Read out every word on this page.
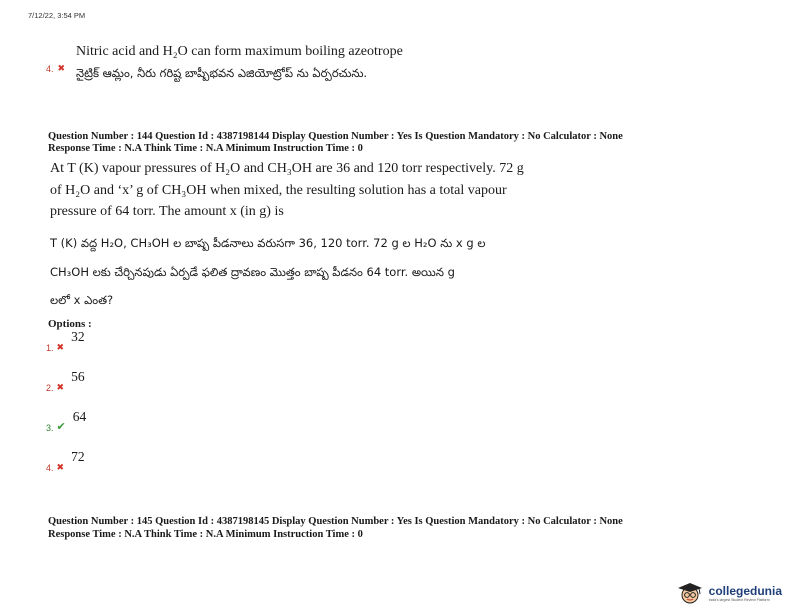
7/12/22, 3:54 PM
Nitric acid and H₂O can form maximum boiling azeotrope
4. ✖ నైట్రిక్ ఆమ్లం, నీరు గరిష్ట బాష్పీభవన ఎజియోట్రోప్ ను ఏర్పరచును.
Question Number : 144 Question Id : 4387198144 Display Question Number : Yes Is Question Mandatory : No Calculator : None
Response Time : N.A Think Time : N.A Minimum Instruction Time : 0
At T (K) vapour pressures of H₂O and CH₃OH are 36 and 120 torr respectively. 72 g
of H₂O and ‘x’ g of CH₃OH when mixed, the resulting solution has a total vapour
pressure of 64 torr. The amount x (in g) is
T (K) వద్ద H₂O, CH₃OH ల బాష్ప పీడనాలు వరుసగా 36, 120 torr. 72 g ల H₂O ను x g ల
CH₃OH లకు చేర్చినపుడు ఏర్పడే ఫలిత ద్రావణం మొత్తం బాష్ప పీడనం 64 torr. అయిన g
లలో x ఎంత?
Options :
1. ✖
32
2. ✖
56
3. ✔
64
4. ✖
72
Question Number : 145 Question Id : 4387198145 Display Question Number : Yes Is Question Mandatory : No Calculator : None
Response Time : N.A Think Time : N.A Minimum Instruction Time : 0
collegedunia
India's largest Student Review Platform
